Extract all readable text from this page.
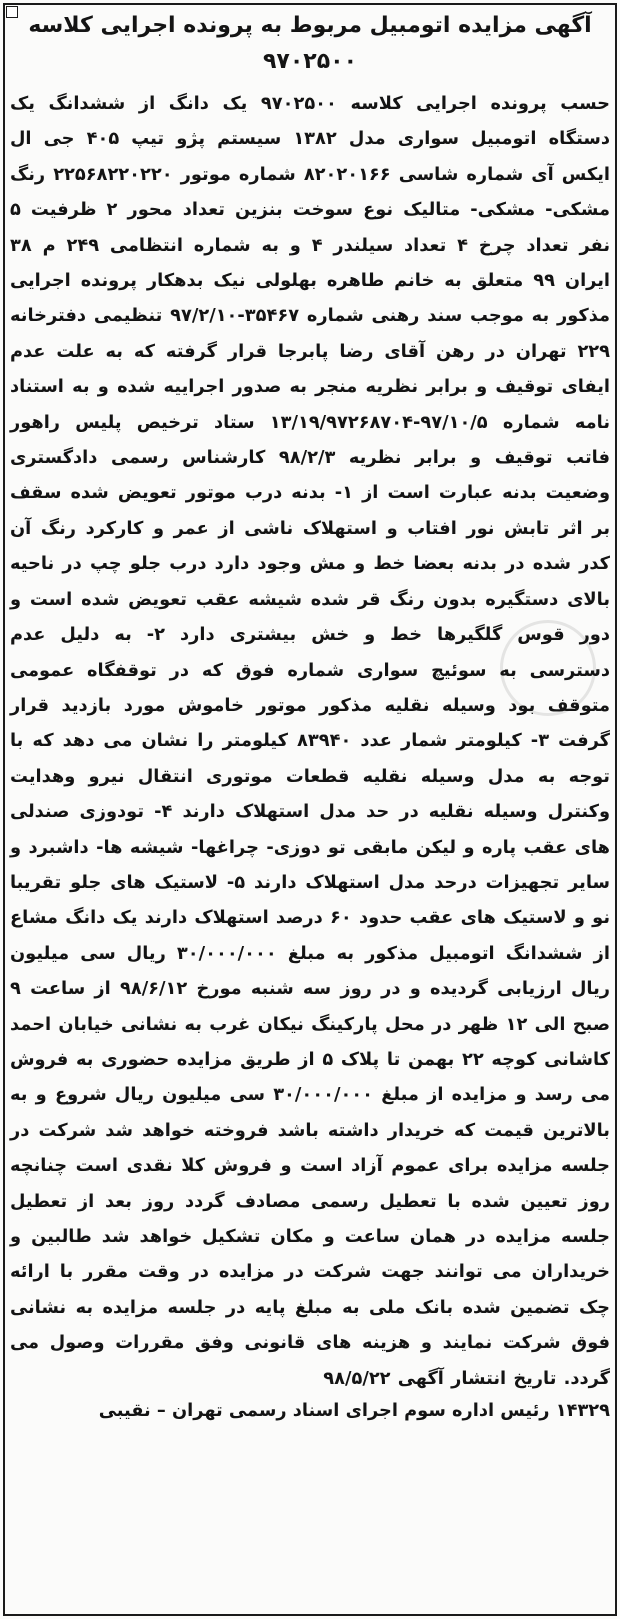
آگهی مزایده اتومبیل مربوط به پرونده اجرایی کلاسه ۹۷۰۲۵۰۰

حسب پرونده اجرایی کلاسه ۹۷۰۲۵۰۰ یک دانگ از ششدانگ یک دستگاه اتومبیل سواری مدل ۱۳۸۲ سیستم پژو تیپ ۴۰۵ جی ال ایکس آی شماره شاسی ۸۲۰۲۰۱۶۶ شماره موتور ۲۲۵۶۸۲۲۰۲۲۰ رنگ مشکی- مشکی- متالیک نوع سوخت بنزین تعداد محور ۲ ظرفیت ۵ نفر تعداد چرخ ۴ تعداد سیلندر ۴ و به شماره انتظامی ۲۴۹ م ۳۸ ایران ۹۹ متعلق به خانم طاهره بهلولی نیک بدهکار پرونده اجرایی مذکور به موجب سند رهنی شماره ۳۵۴۶۷-۹۷/۲/۱۰ تنظیمی دفترخانه ۲۲۹ تهران در رهن آقای رضا پابرجا قرار گرفته که به علت عدم ایفای توقیف و برابر نظریه منجر به صدور اجراییه شده و به استناد نامه شماره ۹۷/۱۰/۵-۱۳/۱۹/۹۷۲۶۸۷۰۴ ستاد ترخیص پلیس راهور فاتب توقیف و برابر نظریه ۹۸/۲/۳ کارشناس رسمی دادگستری وضعیت بدنه عبارت است از ۱- بدنه درب موتور تعویض شده سقف بر اثر تابش نور افتاب و استهلاک ناشی از عمر و کارکرد رنگ آن کدر شده در بدنه بعضا خط و مش وجود دارد درب جلو چپ در ناحیه بالای دستگیره بدون رنگ قر شده شیشه عقب تعویض شده است و دور قوس گلگیرها خط و خش بیشتری دارد ۲- به دلیل عدم دسترسی به سوئیچ سواری شماره فوق که در توقفگاه عمومی متوقف بود وسیله نقلیه مذکور موتور خاموش مورد بازدید قرار گرفت ۳- کیلومتر شمار عدد ۸۳۹۴۰ کیلومتر را نشان می دهد که با توجه به مدل وسیله نقلیه قطعات موتوری انتقال نیرو وهدایت وکنترل وسیله نقلیه در حد مدل استهلاک دارند ۴- تودوزی صندلی های عقب پاره و لیکن مابقی تو دوزی- چراغها- شیشه ها- داشبرد و سایر تجهیزات درحد مدل استهلاک دارند ۵- لاستیک های جلو تقریبا نو و لاستیک های عقب حدود ۶۰ درصد استهلاک دارند یک دانگ مشاع از ششدانگ اتومبیل مذکور به مبلغ ۳۰/۰۰۰/۰۰۰ ریال سی میلیون ریال ارزیابی گردیده و در روز سه شنبه مورخ ۹۸/۶/۱۲ از ساعت ۹ صبح الی ۱۲ ظهر در محل پارکینگ نیکان غرب به نشانی خیابان احمد کاشانی کوچه ۲۲ بهمن تا پلاک ۵ از طریق مزایده حضوری به فروش می رسد و مزایده از مبلغ ۳۰/۰۰۰/۰۰۰ سی میلیون ریال شروع و به بالاترین قیمت که خریدار داشته باشد فروخته خواهد شد شرکت در جلسه مزایده برای عموم آزاد است و فروش کلا نقدی است چنانچه روز تعیین شده با تعطیل رسمی مصادف گردد روز بعد از تعطیل جلسه مزایده در همان ساعت و مکان تشکیل خواهد شد طالبین و خریداران می توانند جهت شرکت در مزایده در وقت مقرر با ارائه چک تضمین شده بانک ملی به مبلغ پایه در جلسه مزایده به نشانی فوق شرکت نمایند و هزینه های قانونی وفق مقررات وصول می گردد. تاریخ انتشار آگهی ۹۸/۵/۲۲

۱۴۳۲۹ رئیس اداره سوم اجرای اسناد رسمی تهران – نقیبی
